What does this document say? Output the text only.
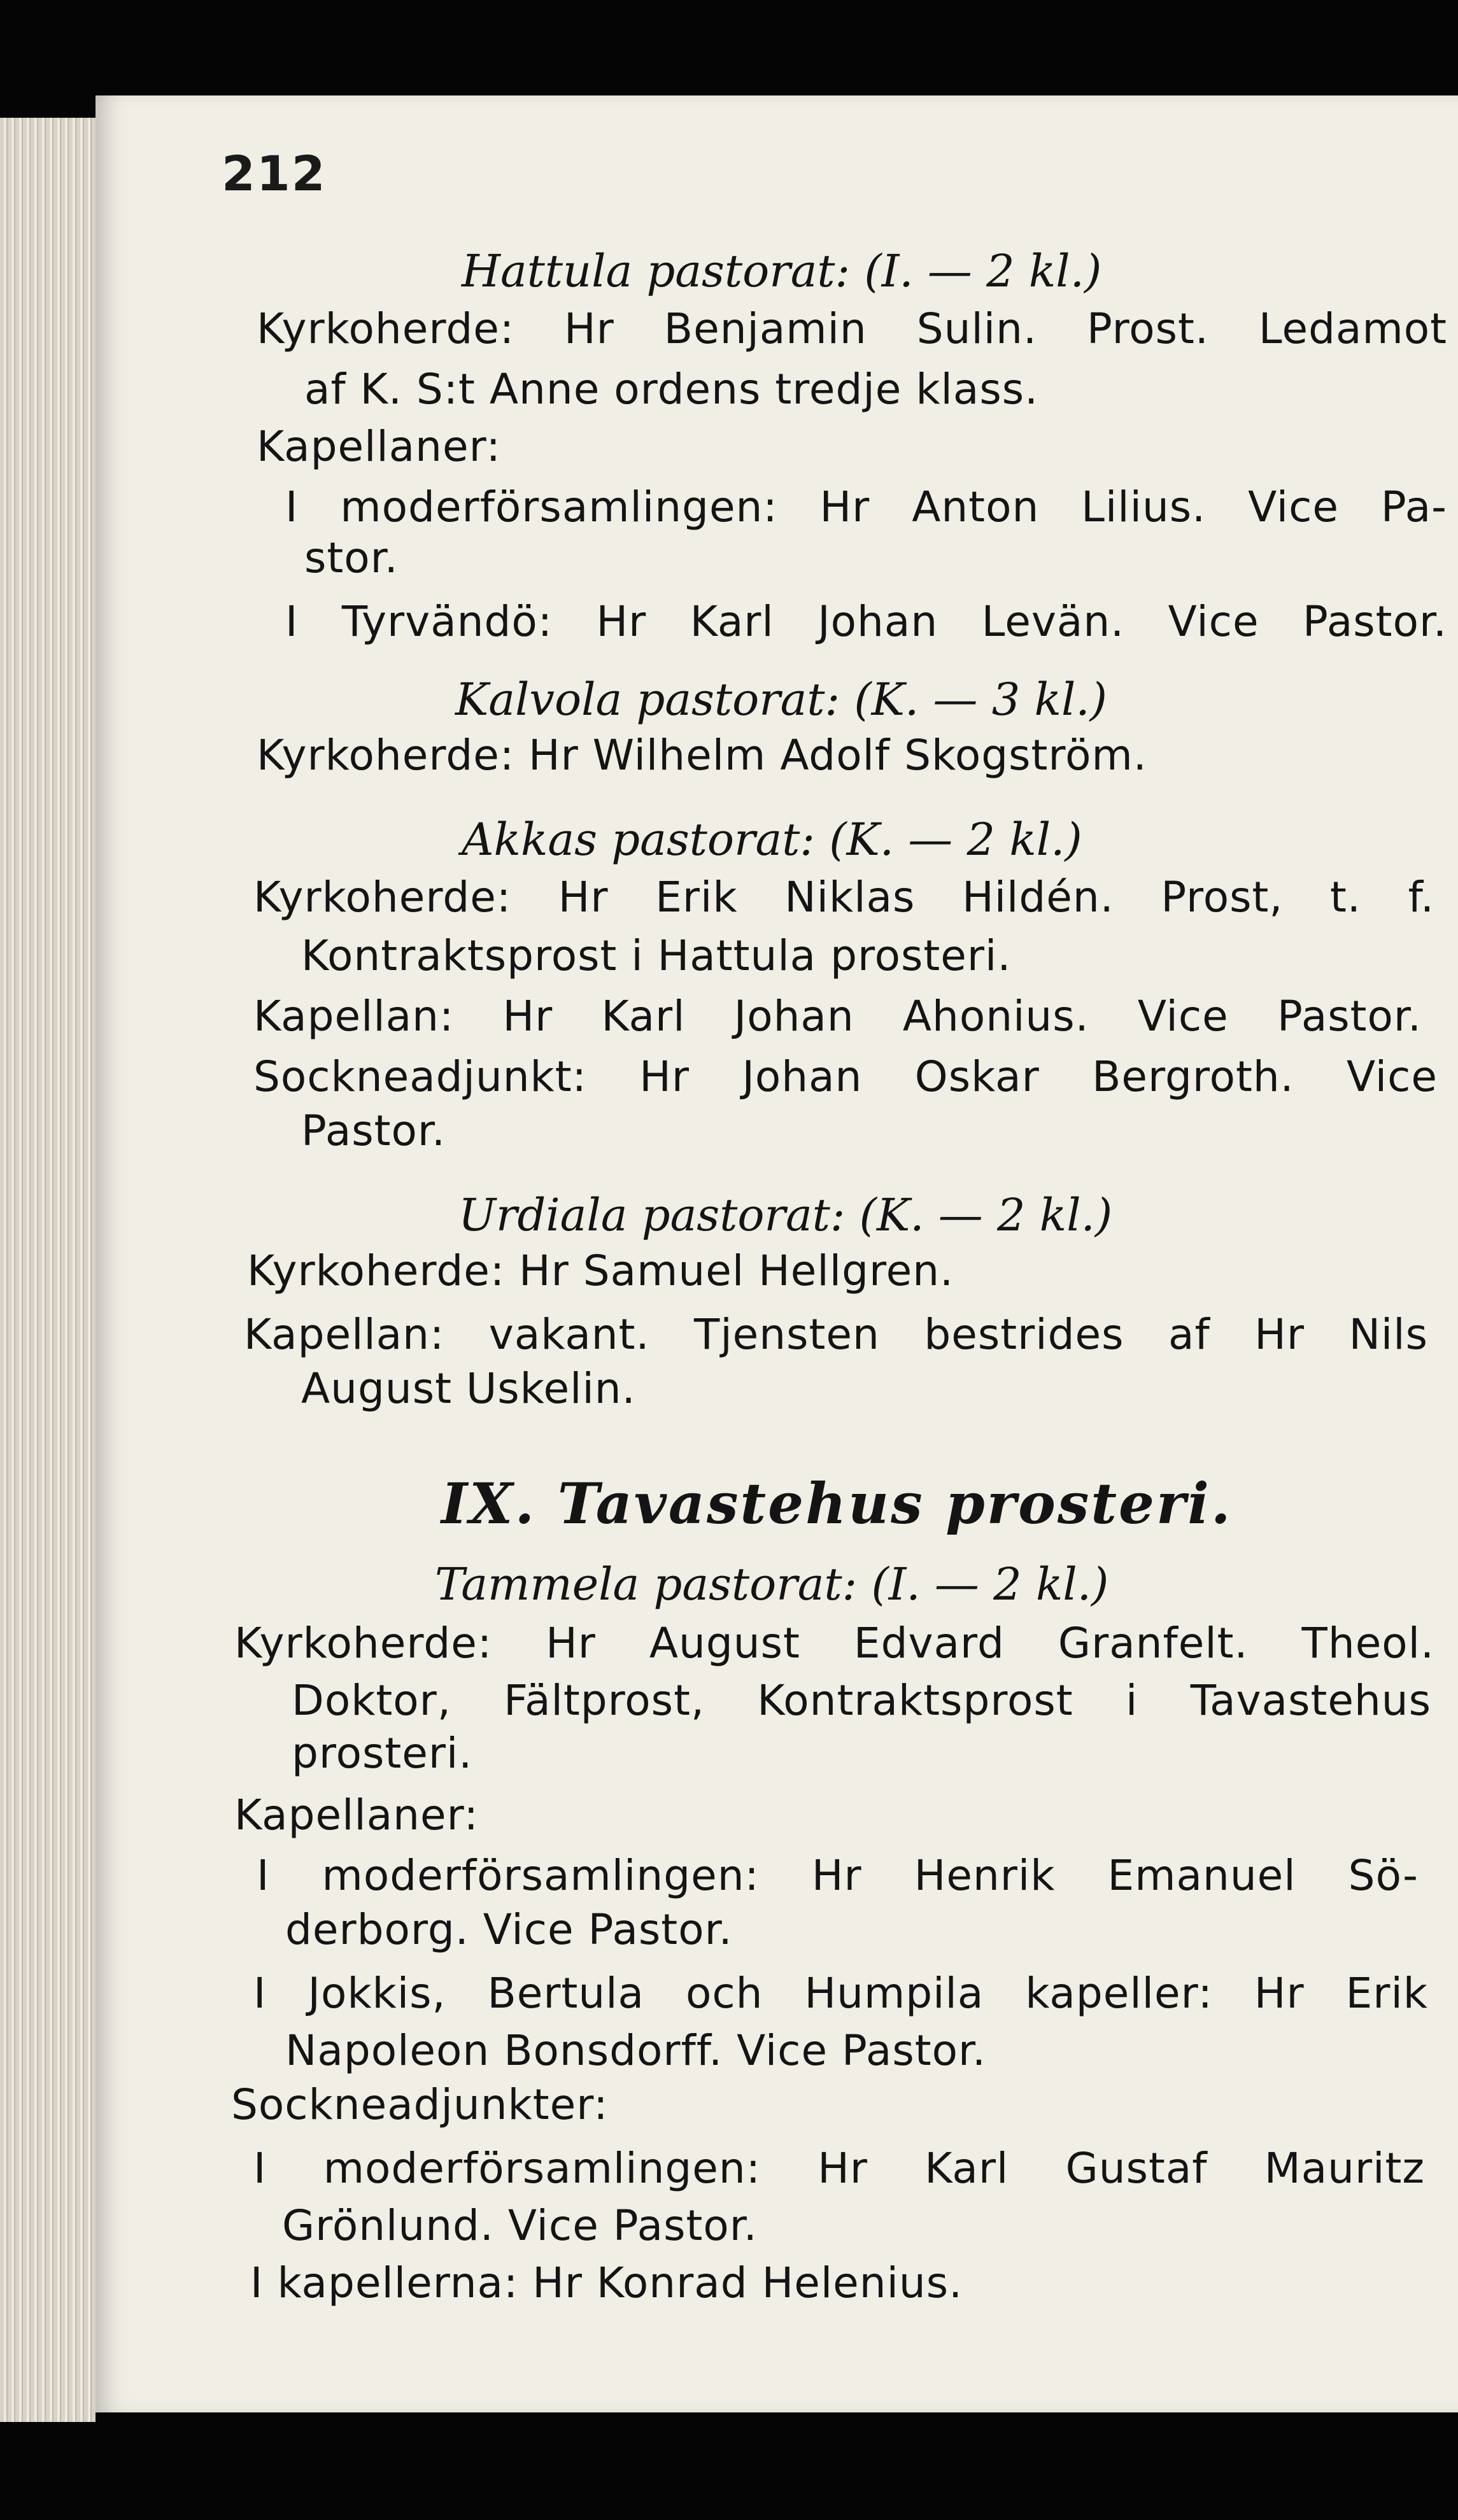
212
Hattula pastorat: (I. — 2 kl.)
Kyrkoherde: Hr Benjamin Sulin. Prost. Ledamot
af K. S:t Anne ordens tredje klass.
Kapellaner:
I moderförsamlingen: Hr Anton Lilius. Vice Pa-
stor.
I Tyrvändö: Hr Karl Johan Levän. Vice Pastor.
Kalvola pastorat: (K. — 3 kl.)
Kyrkoherde: Hr Wilhelm Adolf Skogström.
Akkas pastorat: (K. — 2 kl.)
Kyrkoherde: Hr Erik Niklas Hildén. Prost, t. f.
Kontraktsprost i Hattula prosteri.
Kapellan: Hr Karl Johan Ahonius. Vice Pastor.
Sockneadjunkt: Hr Johan Oskar Bergroth. Vice
Pastor.
Urdiala pastorat: (K. — 2 kl.)
Kyrkoherde: Hr Samuel Hellgren.
Kapellan: vakant. Tjensten bestrides af Hr Nils
August Uskelin.
IX. Tavastehus prosteri.
Tammela pastorat: (I. — 2 kl.)
Kyrkoherde: Hr August Edvard Granfelt. Theol.
Doktor, Fältprost, Kontraktsprost i Tavastehus
prosteri.
Kapellaner:
I moderförsamlingen: Hr Henrik Emanuel Sö-
derborg. Vice Pastor.
I Jokkis, Bertula och Humpila kapeller: Hr Erik
Napoleon Bonsdorff. Vice Pastor.
Sockneadjunkter:
I moderförsamlingen: Hr Karl Gustaf Mauritz
Grönlund. Vice Pastor.
I kapellerna: Hr Konrad Helenius.
